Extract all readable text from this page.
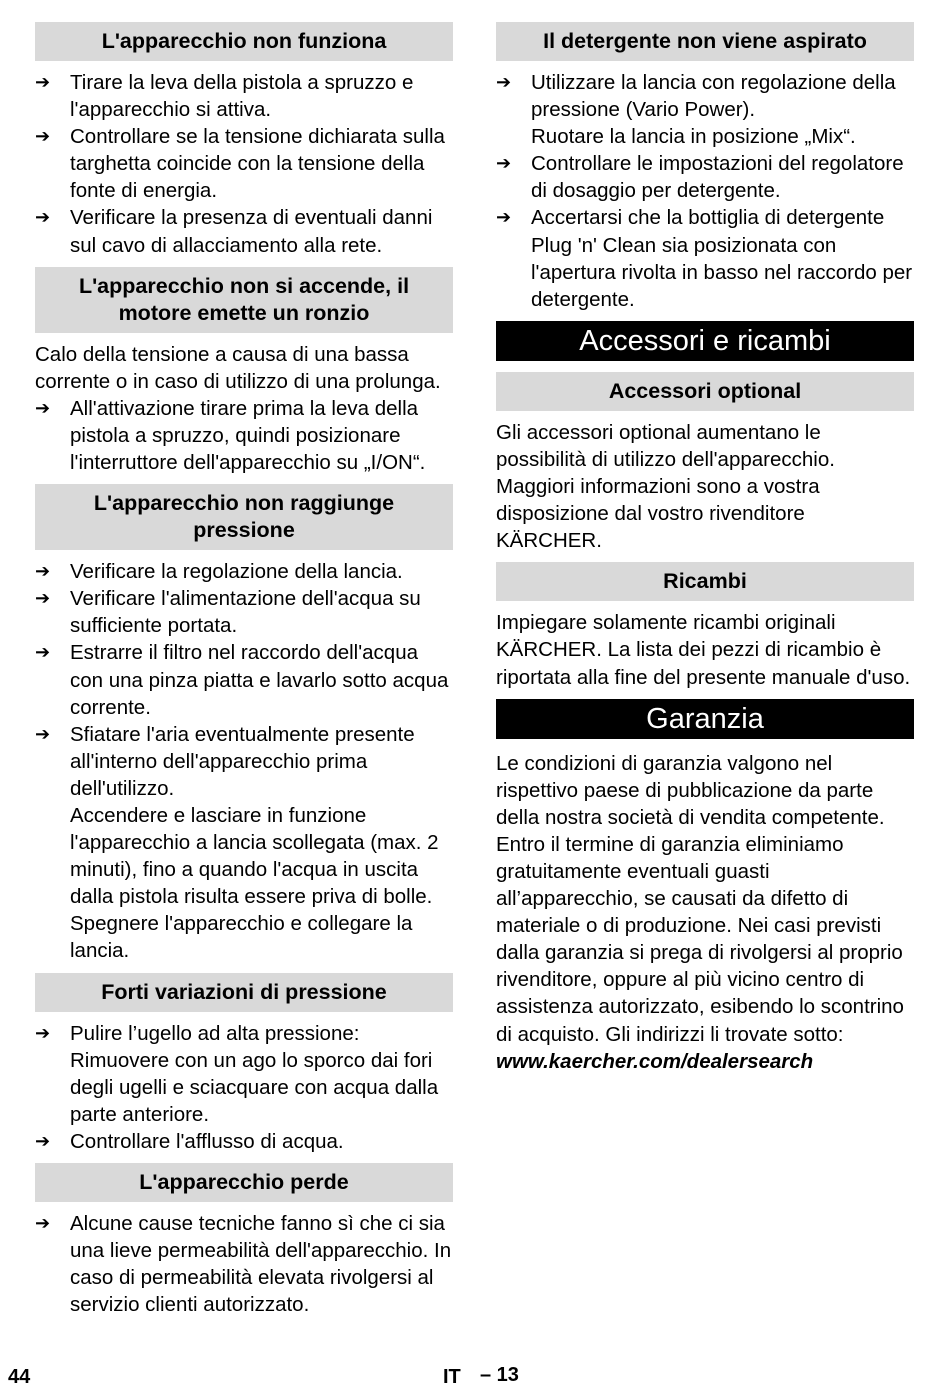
L'apparecchio non funziona
➔ Tirare la leva della pistola a spruzzo e l'apparecchio si attiva.
➔ Controllare se la tensione dichiarata sulla targhetta coincide con la tensione della fonte di energia.
➔ Verificare la presenza di eventuali danni sul cavo di allacciamento alla rete.
L'apparecchio non si accende, il motore emette un ronzio
Calo della tensione a causa di una bassa corrente o in caso di utilizzo di una prolunga.
➔ All'attivazione tirare prima la leva della pistola a spruzzo, quindi posizionare l'interruttore dell'apparecchio su „I/ON“.
L'apparecchio non raggiunge pressione
➔ Verificare la regolazione della lancia.
➔ Verificare l'alimentazione dell'acqua su sufficiente portata.
➔ Estrarre il filtro nel raccordo dell'acqua con una pinza piatta e lavarlo sotto acqua corrente.
➔ Sfiatare l'aria eventualmente presente all'interno dell'apparecchio prima dell'utilizzo.
Accendere e lasciare in funzione l'apparecchio a lancia scollegata (max. 2 minuti), fino a quando l'acqua in uscita dalla pistola risulta essere priva di bolle. Spegnere l'apparecchio e collegare la lancia.
Forti variazioni di pressione
➔ Pulire l’ugello ad alta pressione: Rimuovere con un ago lo sporco dai fori degli ugelli e sciacquare con acqua dalla parte anteriore.
➔ Controllare l'afflusso di acqua.
L'apparecchio perde
➔ Alcune cause tecniche fanno sì che ci sia una lieve permeabilità dell'apparecchio. In caso di permeabilità elevata rivolgersi al servizio clienti autorizzato.
Il detergente non viene aspirato
➔ Utilizzare la lancia con regolazione della pressione (Vario Power).
Ruotare la lancia in posizione „Mix“.
➔ Controllare le impostazioni del regolatore di dosaggio per detergente.
➔ Accertarsi che la bottiglia di detergente Plug 'n' Clean sia posizionata con l'apertura rivolta in basso nel raccordo per detergente.
Accessori e ricambi
Accessori optional
Gli accessori optional aumentano le possibilità di utilizzo dell'apparecchio. Maggiori informazioni sono a vostra disposizione dal vostro rivenditore KÄRCHER.
Ricambi
Impiegare solamente ricambi originali KÄRCHER. La lista dei pezzi di ricambio è riportata alla fine del presente manuale d'uso.
Garanzia
Le condizioni di garanzia valgono nel rispettivo paese di pubblicazione da parte della nostra società di vendita competente. Entro il termine di garanzia eliminiamo gratuitamente eventuali guasti all’apparecchio, se causati da difetto di materiale o di produzione. Nei casi previsti dalla garanzia si prega di rivolgersi al proprio rivenditore, oppure al più vicino centro di assistenza autorizzato, esibendo lo scontrino di acquisto. Gli indirizzi li trovate sotto:
www.kaercher.com/dealersearch
44	IT – 13
